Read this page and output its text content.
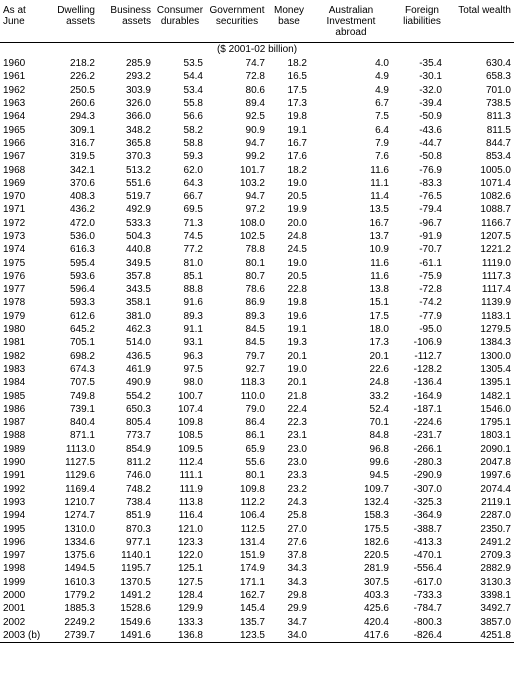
As at June	Dwelling assets	Business assets	Consumer durables	Government securities	Money base	Australian Investment abroad	Foreign liabilities	Total wealth
($ 2001-02 billion)								
1960	218.2	285.9	53.5	74.7	18.2	4.0	-35.4	630.4
1961	226.2	293.2	54.4	72.8	16.5	4.9	-30.1	658.3
1962	250.5	303.9	53.4	80.6	17.5	4.9	-32.0	701.0
1963	260.6	326.0	55.8	89.4	17.3	6.7	-39.4	738.5
1964	294.3	366.0	56.6	92.5	19.8	7.5	-50.9	811.3
1965	309.1	348.2	58.2	90.9	19.1	6.4	-43.6	811.5
1966	316.7	365.8	58.8	94.7	16.7	7.9	-44.7	844.7
1967	319.5	370.3	59.3	99.2	17.6	7.6	-50.8	853.4
1968	342.1	513.2	62.0	101.7	18.2	11.6	-76.9	1005.0
1969	370.6	551.6	64.3	103.2	19.0	11.1	-83.3	1071.4
1970	408.3	519.7	66.7	94.7	20.5	11.4	-76.5	1082.6
1971	436.2	492.9	69.5	97.2	19.9	13.5	-79.4	1088.7
1972	472.0	533.3	71.3	108.0	20.0	16.7	-96.7	1166.7
1973	536.0	504.3	74.5	102.5	24.8	13.7	-91.9	1207.5
1974	616.3	440.8	77.2	78.8	24.5	10.9	-70.7	1221.2
1975	595.4	349.5	81.0	80.1	19.0	11.6	-61.1	1119.0
1976	593.6	357.8	85.1	80.7	20.5	11.6	-75.9	1117.3
1977	596.4	343.5	88.8	78.6	22.8	13.8	-72.8	1117.4
1978	593.3	358.1	91.6	86.9	19.8	15.1	-74.2	1139.9
1979	612.6	381.0	89.3	89.3	19.6	17.5	-77.9	1183.1
1980	645.2	462.3	91.1	84.5	19.1	18.0	-95.0	1279.5
1981	705.1	514.0	93.1	84.5	19.3	17.3	-106.9	1384.3
1982	698.2	436.5	96.3	79.7	20.1	20.1	-112.7	1300.0
1983	674.3	461.9	97.5	92.7	19.0	22.6	-128.2	1305.4
1984	707.5	490.9	98.0	118.3	20.1	24.8	-136.4	1395.1
1985	749.8	554.2	100.7	110.0	21.8	33.2	-164.9	1482.1
1986	739.1	650.3	107.4	79.0	22.4	52.4	-187.1	1546.0
1987	840.4	805.4	109.8	86.4	22.3	70.1	-224.6	1795.1
1988	871.1	773.7	108.5	86.1	23.1	84.8	-231.7	1803.1
1989	1113.0	854.9	109.5	65.9	23.0	96.8	-266.1	2090.1
1990	1127.5	811.2	112.4	55.6	23.0	99.6	-280.3	2047.8
1991	1129.6	746.0	111.1	80.1	23.3	94.5	-290.9	1997.6
1992	1169.4	748.2	111.9	109.8	23.2	109.7	-307.0	2074.4
1993	1210.7	738.4	113.8	112.2	24.3	132.4	-325.3	2119.1
1994	1274.7	851.9	116.4	106.4	25.8	158.3	-364.9	2287.0
1995	1310.0	870.3	121.0	112.5	27.0	175.5	-388.7	2350.7
1996	1334.6	977.1	123.3	131.4	27.6	182.6	-413.3	2491.2
1997	1375.6	1140.1	122.0	151.9	37.8	220.5	-470.1	2709.3
1998	1494.5	1195.7	125.1	174.9	34.3	281.9	-556.4	2882.9
1999	1610.3	1370.5	127.5	171.1	34.3	307.5	-617.0	3130.3
2000	1779.2	1491.2	128.4	162.7	29.8	403.3	-733.3	3398.1
2001	1885.3	1528.6	129.9	145.4	29.9	425.6	-784.7	3492.7
2002	2249.2	1549.6	133.3	135.7	34.7	420.4	-800.3	3857.0
2003 (b)	2739.7	1491.6	136.8	123.5	34.0	417.6	-826.4	4251.8
